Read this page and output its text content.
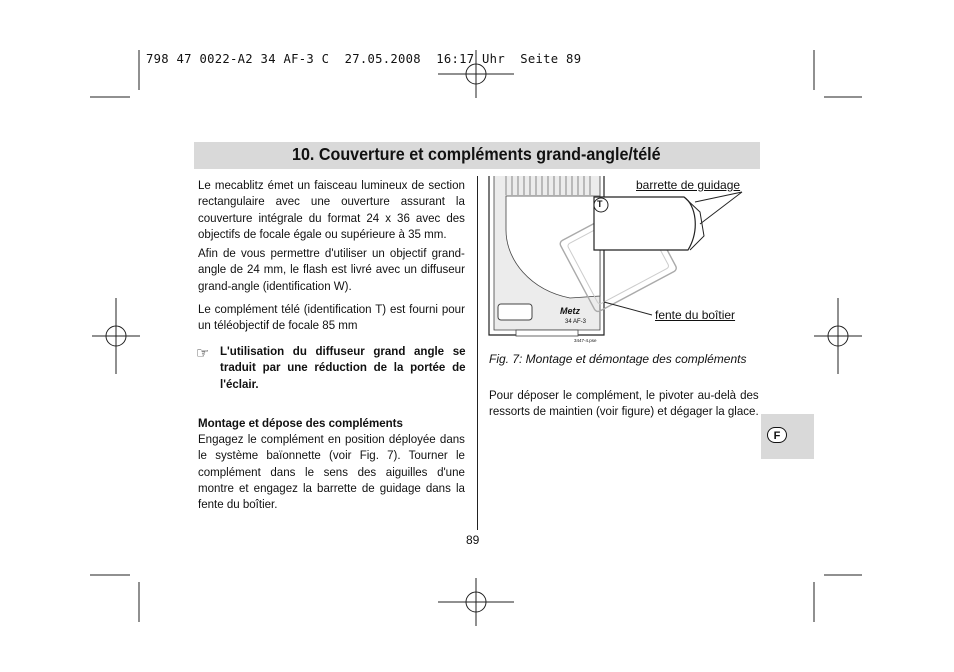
798 47 0022-A2 34 AF-3 C  27.05.2008  16:17 Uhr  Seite 89
10. Couverture et compléments grand-angle/télé
Le mecablitz émet un faisceau lumineux de section rectangulaire avec une ouverture assurant la couverture intégrale du format 24 x 36 avec des objectifs de focale égale ou supérieure à 35 mm.
Afin de vous permettre d'utiliser un objectif grand-angle de 24 mm, le flash est livré avec un diffuseur grand-angle (identification W).
Le complément télé (identification T) est fourni pour un téléobjectif de focale 85 mm
☞ L'utilisation du diffuseur grand angle se traduit par une réduction de la portée de l'éclair.
Montage et dépose des compléments
Engagez le complément en position déployée dans le système baïonnette (voir Fig. 7). Tourner le complément dans le sens des aiguilles d'une montre et engagez la barrette de guidage dans la fente du boîtier.
T
Metz
34 AF-3
3447-4.pse
barrette de guidage
fente du boîtier
Fig. 7: Montage et démontage des compléments
Pour déposer le complément, le pivoter au-delà des ressorts de maintien (voir figure) et dégager la glace.
F
89
